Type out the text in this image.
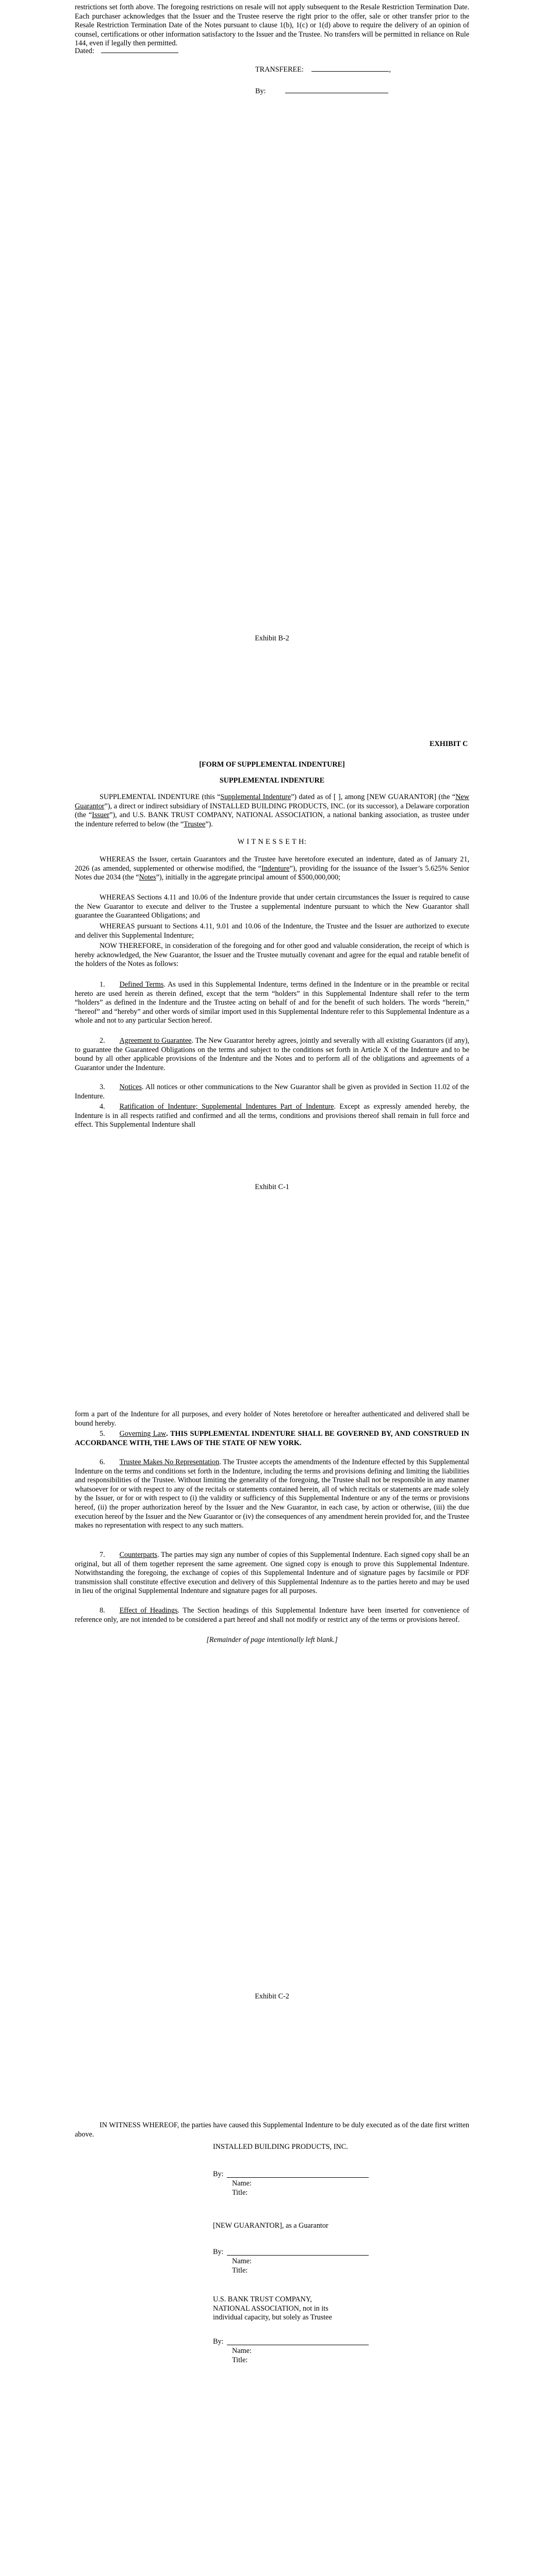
restrictions set forth above. The foregoing restrictions on resale will not apply subsequent to the Resale Restriction Termination Date. Each purchaser acknowledges that the Issuer and the Trustee reserve the right prior to the offer, sale or other transfer prior to the Resale Restriction Termination Date of the Notes pursuant to clause 1(b), 1(c) or 1(d) above to require the delivery of an opinion of counsel, certifications or other information satisfactory to the Issuer and the Trustee. No transfers will be permitted in reliance on Rule 144, even if legally then permitted.

Dated:
TRANSFEREE:	,
By:
Exhibit B-2
EXHIBIT C
[FORM OF SUPPLEMENTAL INDENTURE]
SUPPLEMENTAL INDENTURE

SUPPLEMENTAL INDENTURE (this “Supplemental Indenture”) dated as of [ ], among [NEW GUARANTOR] (the “New Guarantor”), a direct or indirect subsidiary of INSTALLED BUILDING PRODUCTS, INC. (or its successor), a Delaware corporation (the “Issuer”), and U.S. BANK TRUST COMPANY, NATIONAL ASSOCIATION, a national banking association, as trustee under the indenture referred to below (the “Trustee”).

W I T N E S S E T H:

WHEREAS the Issuer, certain Guarantors and the Trustee have heretofore executed an indenture, dated as of January 21, 2026 (as amended, supplemented or otherwise modified, the “Indenture”), providing for the issuance of the Issuer’s 5.625% Senior Notes due 2034 (the “Notes”), initially in the aggregate principal amount of $500,000,000;

WHEREAS Sections 4.11 and 10.06 of the Indenture provide that under certain circumstances the Issuer is required to cause the New Guarantor to execute and deliver to the Trustee a supplemental indenture pursuant to which the New Guarantor shall guarantee the Guaranteed Obligations; and

WHEREAS pursuant to Sections 4.11, 9.01 and 10.06 of the Indenture, the Trustee and the Issuer are authorized to execute and deliver this Supplemental Indenture;

NOW THEREFORE, in consideration of the foregoing and for other good and valuable consideration, the receipt of which is hereby acknowledged, the New Guarantor, the Issuer and the Trustee mutually covenant and agree for the equal and ratable benefit of the holders of the Notes as follows:

1. Defined Terms. As used in this Supplemental Indenture, terms defined in the Indenture or in the preamble or recital hereto are used herein as therein defined, except that the term “holders” in this Supplemental Indenture shall refer to the term “holders” as defined in the Indenture and the Trustee acting on behalf of and for the benefit of such holders. The words “herein,” “hereof” and “hereby” and other words of similar import used in this Supplemental Indenture refer to this Supplemental Indenture as a whole and not to any particular Section hereof.

2. Agreement to Guarantee. The New Guarantor hereby agrees, jointly and severally with all existing Guarantors (if any), to guarantee the Guaranteed Obligations on the terms and subject to the conditions set forth in Article X of the Indenture and to be bound by all other applicable provisions of the Indenture and the Notes and to perform all of the obligations and agreements of a Guarantor under the Indenture.

3. Notices. All notices or other communications to the New Guarantor shall be given as provided in Section 11.02 of the Indenture.

4. Ratification of Indenture; Supplemental Indentures Part of Indenture. Except as expressly amended hereby, the Indenture is in all respects ratified and confirmed and all the terms, conditions and provisions thereof shall remain in full force and effect. This Supplemental Indenture shall

Exhibit C-1

form a part of the Indenture for all purposes, and every holder of Notes heretofore or hereafter authenticated and delivered shall be bound hereby.

5. Governing Law. THIS SUPPLEMENTAL INDENTURE SHALL BE GOVERNED BY, AND CONSTRUED IN ACCORDANCE WITH, THE LAWS OF THE STATE OF NEW YORK.

6. Trustee Makes No Representation. The Trustee accepts the amendments of the Indenture effected by this Supplemental Indenture on the terms and conditions set forth in the Indenture, including the terms and provisions defining and limiting the liabilities and responsibilities of the Trustee. Without limiting the generality of the foregoing, the Trustee shall not be responsible in any manner whatsoever for or with respect to any of the recitals or statements contained herein, all of which recitals or statements are made solely by the Issuer, or for or with respect to (i) the validity or sufficiency of this Supplemental Indenture or any of the terms or provisions hereof, (ii) the proper authorization hereof by the Issuer and the New Guarantor, in each case, by action or otherwise, (iii) the due execution hereof by the Issuer and the New Guarantor or (iv) the consequences of any amendment herein provided for, and the Trustee makes no representation with respect to any such matters.

7. Counterparts. The parties may sign any number of copies of this Supplemental Indenture. Each signed copy shall be an original, but all of them together represent the same agreement. One signed copy is enough to prove this Supplemental Indenture. Notwithstanding the foregoing, the exchange of copies of this Supplemental Indenture and of signature pages by facsimile or PDF transmission shall constitute effective execution and delivery of this Supplemental Indenture as to the parties hereto and may be used in lieu of the original Supplemental Indenture and signature pages for all purposes.

8. Effect of Headings. The Section headings of this Supplemental Indenture have been inserted for convenience of reference only, are not intended to be considered a part hereof and shall not modify or restrict any of the terms or provisions hereof.

[Remainder of page intentionally left blank.]
Exhibit C-2

IN WITNESS WHEREOF, the parties have caused this Supplemental Indenture to be duly executed as of the date first written above.

INSTALLED BUILDING PRODUCTS, INC.
By:
Name:
Title:
[NEW GUARANTOR], as a Guarantor
By:
Name:
Title:
U.S. BANK TRUST COMPANY, NATIONAL ASSOCIATION, not in its individual capacity, but solely as Trustee
By:
Name:
Title:
